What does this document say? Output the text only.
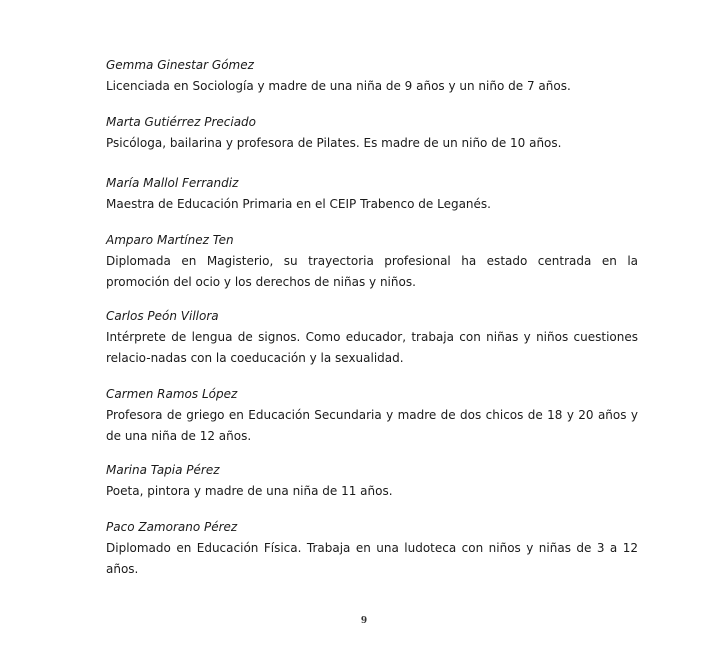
Gemma Ginestar Gómez
Licenciada en Sociología y madre de una niña de 9 años y un niño de 7 años.
Marta Gutiérrez Preciado
Psicóloga, bailarina y profesora de Pilates. Es madre de un niño de 10 años.
María Mallol Ferrandiz
Maestra de Educación Primaria en el CEIP Trabenco de Leganés.
Amparo Martínez Ten
Diplomada en Magisterio, su trayectoria profesional ha estado centrada en la promoción del ocio y los derechos de niñas y niños.
Carlos Peón Villora
Intérprete de lengua de signos. Como educador, trabaja con niñas y niños cuestiones relacio-nadas con la coeducación y la sexualidad.
Carmen Ramos López
Profesora de griego en Educación Secundaria y madre de dos chicos de 18 y 20 años y de una niña de 12 años.
Marina Tapia Pérez
Poeta, pintora y madre de una niña de 11 años.
Paco Zamorano Pérez
Diplomado en Educación Física. Trabaja en una ludoteca con niños y niñas de 3 a 12 años.
9
